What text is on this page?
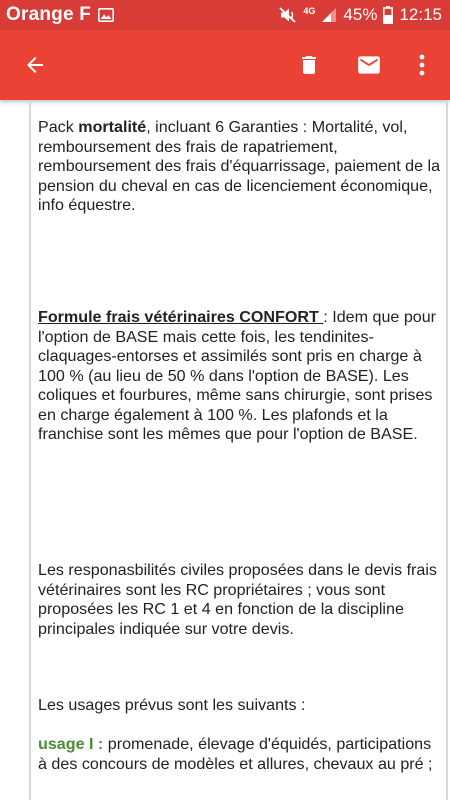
Orange F	4G 45% 12:15

Pack mortalité, incluant 6 Garanties : Mortalité, vol, remboursement des frais de rapatriement, remboursement des frais d'équarrissage, paiement de la pension du cheval en cas de licenciement économique, info équestre.

Formule frais vétérinaires CONFORT : Idem que pour l'option de BASE mais cette fois, les tendinites-claquages-entorses et assimilés sont pris en charge à 100 % (au lieu de 50 % dans l'option de BASE). Les coliques et fourbures, même sans chirurgie, sont prises en charge également à 100 %. Les plafonds et la franchise sont les mêmes que pour l'option de BASE.

Les responasbilités civiles proposées dans le devis frais vétérinaires sont les RC propriétaires ; vous sont proposées les RC 1 et 4 en fonction de la discipline principales indiquée sur votre devis.

Les usages prévus sont les suivants :

usage I : promenade, élevage d'équidés, participations à des concours de modèles et allures, chevaux au pré ;
